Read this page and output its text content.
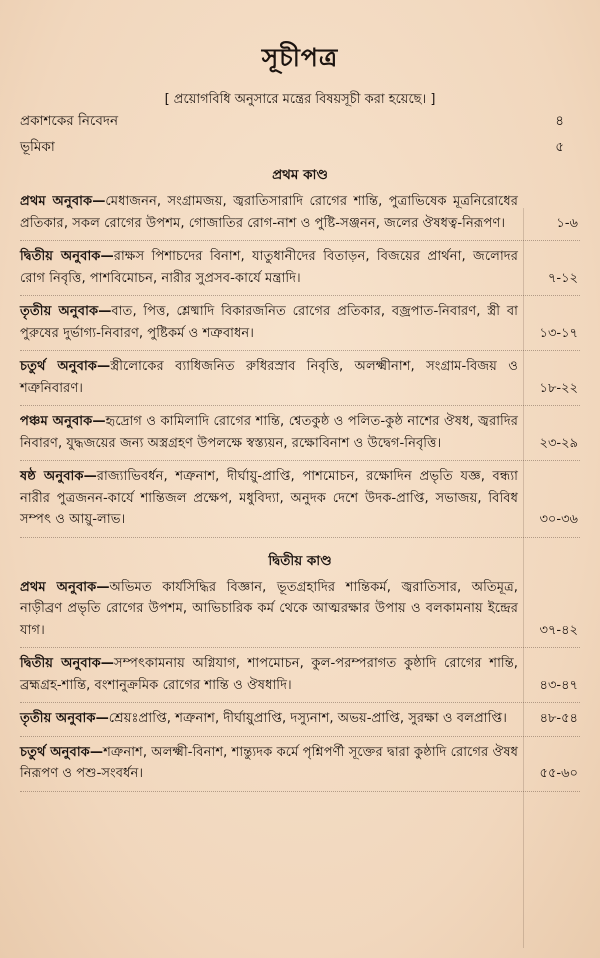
সূচীপত্র
[ প্রয়োগবিধি অনুসারে মন্ত্রের বিষয়সূচী করা হয়েছে। ]
প্রকাশকের নিবেদন	৪
ভূমিকা	৫
প্রথম কাণ্ড
প্রথম অনুবাক—মেধাজনন, সংগ্রামজয়, জ্বরাতিসারাদি রোগের শান্তি, পুত্রাভিষেক মূত্রনিরোধের প্রতিকার, সকল রোগের উপশম, গোজাতির রোগ-নাশ ও পুষ্টি-সঞ্জনন, জলের ঔষধত্ব-নিরূপণ।	১-৬
দ্বিতীয় অনুবাক—রাক্ষস পিশাচদের বিনাশ, যাতুধানীদের বিতাড়ন, বিজয়ের প্রার্থনা, জলোদর রোগ নিবৃত্তি, পাশবিমোচন, নারীর সুপ্রসব-কার্যে মন্ত্রাদি।	৭-১২
তৃতীয় অনুবাক—বাত, পিত্ত, শ্লেষ্মাদি বিকারজনিত রোগের প্রতিকার, বজ্রপাত-নিবারণ, স্ত্রী বা পুরুষের দুর্ভাগ্য-নিবারণ, পুষ্টিকর্ম ও শত্রুবাধন।	১৩-১৭
চতুর্থ অনুবাক—স্ত্রীলোকের ব্যাধিজনিত রুধিরস্রাব নিবৃত্তি, অলক্ষ্মীনাশ, সংগ্রাম-বিজয় ও শত্রুনিবারণ।	১৮-২২
পঞ্চম অনুবাক—হৃদ্রোগ ও কামিলাদি রোগের শান্তি, শ্বেতকুষ্ঠ ও পলিত-কুষ্ঠ নাশের ঔষধ, জ্বরাদির নিবারণ, যুদ্ধজয়ের জন্য অস্ত্রগ্রহণ উপলক্ষে স্বস্ত্যয়ন, রক্ষোবিনাশ ও উদ্বেগ-নিবৃত্তি।	২৩-২৯
ষষ্ঠ অনুবাক—রাজ্যাভিবর্ধন, শত্রুনাশ, দীর্ঘায়ু-প্রাপ্তি, পাশমোচন, রক্ষোদিন প্রভৃতি যজ্ঞ, বন্ধ্যা নারীর পুত্রজনন-কার্যে শান্তিজল প্রক্ষেপ, মধুবিদ্যা, অনুদক দেশে উদক-প্রাপ্তি, সভাজয়, বিবিধ সম্পৎ ও আয়ু-লাভ।	৩০-৩৬
দ্বিতীয় কাণ্ড
প্রথম অনুবাক—অভিমত কার্যসিদ্ধির বিজ্ঞান, ভূতগ্রহাদির শান্তিকর্ম, জ্বরাতিসার, অতিমূত্র, নাড়ীব্রণ প্রভৃতি রোগের উপশম, আভিচারিক কর্ম থেকে আত্মরক্ষার উপায় ও বলকামনায় ইন্দ্রের যাগ।	৩৭-৪২
দ্বিতীয় অনুবাক—সম্পৎকামনায় অগ্নিযাগ, শাপমোচন, কুল-পরম্পরাগত কুষ্ঠাদি রোগের শান্তি, ব্রহ্মগ্রহ-শান্তি, বংশানুক্রমিক রোগের শান্তি ও ঔষধাদি।	৪৩-৪৭
তৃতীয় অনুবাক—শ্রেয়ঃপ্রাপ্তি, শত্রুনাশ, দীর্ঘায়ুপ্রাপ্তি, দস্যুনাশ, অভয়-প্রাপ্তি, সুরক্ষা ও বলপ্রাপ্তি।	৪৮-৫৪
চতুর্থ অনুবাক—শত্রুনাশ, অলক্ষ্মী-বিনাশ, শান্ত্যুদক কর্মে পৃশ্নিপর্ণী সূক্তের দ্বারা কুষ্ঠাদি রোগের ঔষধ নিরূপণ ও পশু-সংবর্ধন।	৫৫-৬০
